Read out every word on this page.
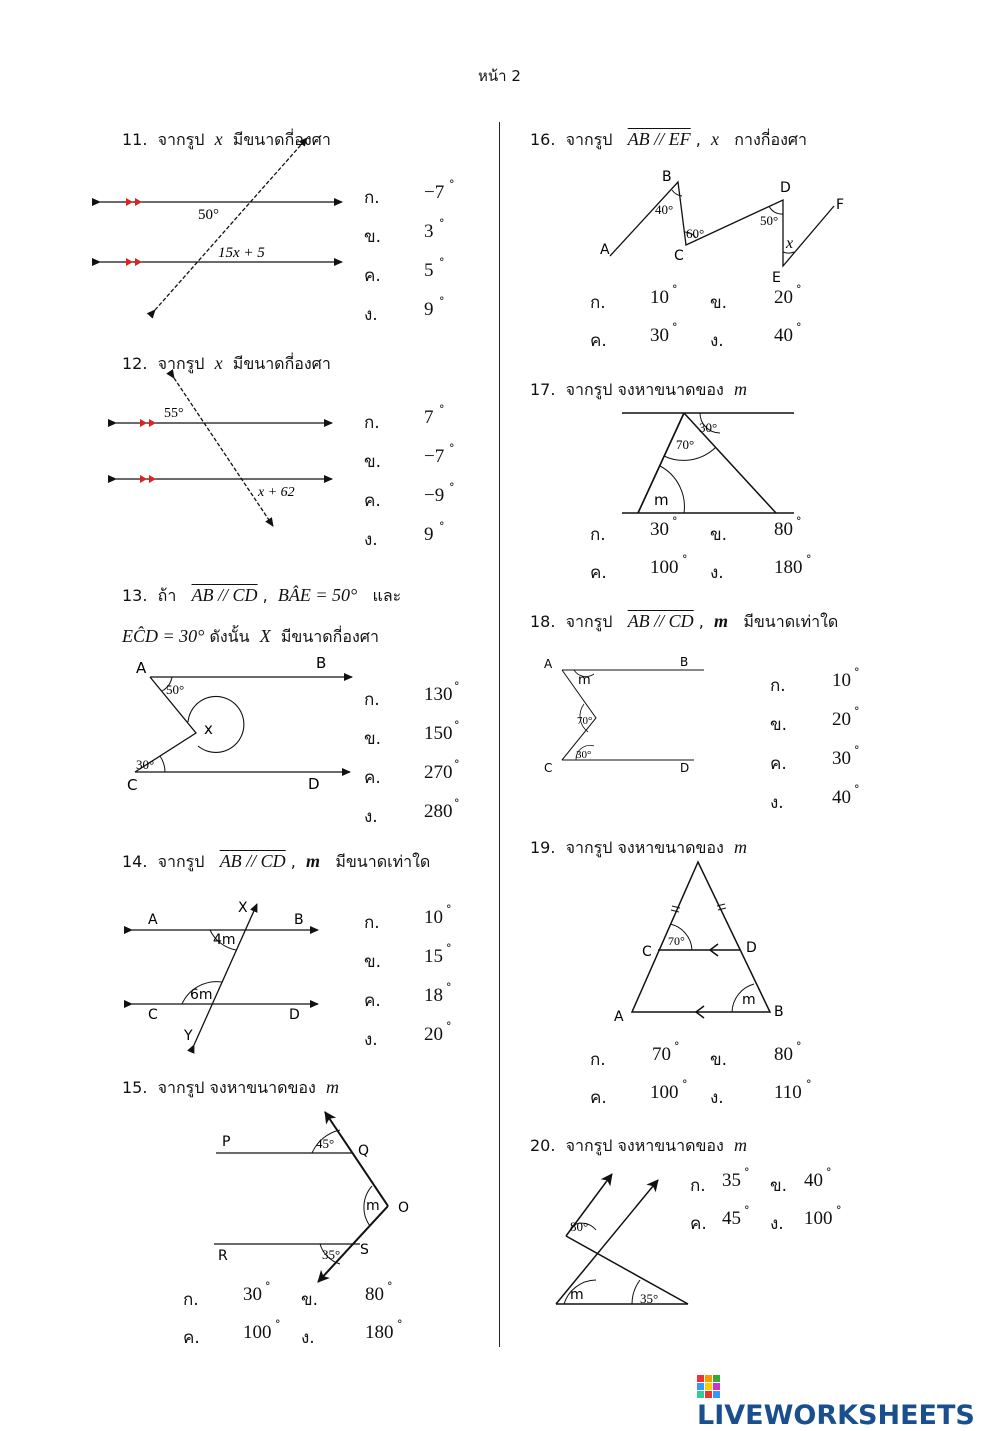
หน้า 2
11. จากรูป x มีขนาดกี่องศา
50°
15x + 5
ก. −7 °
ข. 3 °
ค. 5 °
ง. 9 °
12. จากรูป x มีขนาดกี่องศา
55°
x + 62
ก. 7 °
ข. −7 °
ค. −9 °
ง. 9 °
13. ถ้า AB // CD ,  BÂE = 50° และ
EĈD = 30° ดังนั้น X มีขนาดกี่องศา
A	B
C	D
x
50°
30°
ก. 130 °
ข. 150 °
ค. 270 °
ง. 280 °
14. จากรูป AB // CD ,  m มีขนาดเท่าใด
A	B
C	D
X
Y
4m
6m
ก. 10 °
ข. 15 °
ค. 18 °
ง. 20 °
15. จากรูป จงหาขนาดของ m
P
Q
R	S
O
m
45°
35°
ก. 30 °
ข. 80 °
ค. 100 °
ง.	180 °
16. จากรูป AB // EF ,  x กางกี่องศา
A
B
C
D
E
F
x
40°
60°
50°
ก. 10 °
ข. 20 °
ค. 30 °
ง.	40 °
17. จากรูป จงหาขนาดของ m
30°
70°
m
ก. 30 °
ข. 80 °
ค. 100 °
ง.	180 °
18. จากรูป AB // CD ,  m มีขนาดเท่าใด
A	B
C	D
m
70°
30°
ก. 10 °
ข. 20 °
ค. 30 °
ง.	40 °
19. จากรูป จงหาขนาดของ m
A	B
C	D
m
70°
ก. 70 °
ข. 80 °
ค. 100 °
ง.	110 °
20. จากรูป จงหาขนาดของ m
80°
m	35°
ก. 35 °
ข. 40 °
ค. 45 °
ง. 100 °
LIVEWORKSHEETS
